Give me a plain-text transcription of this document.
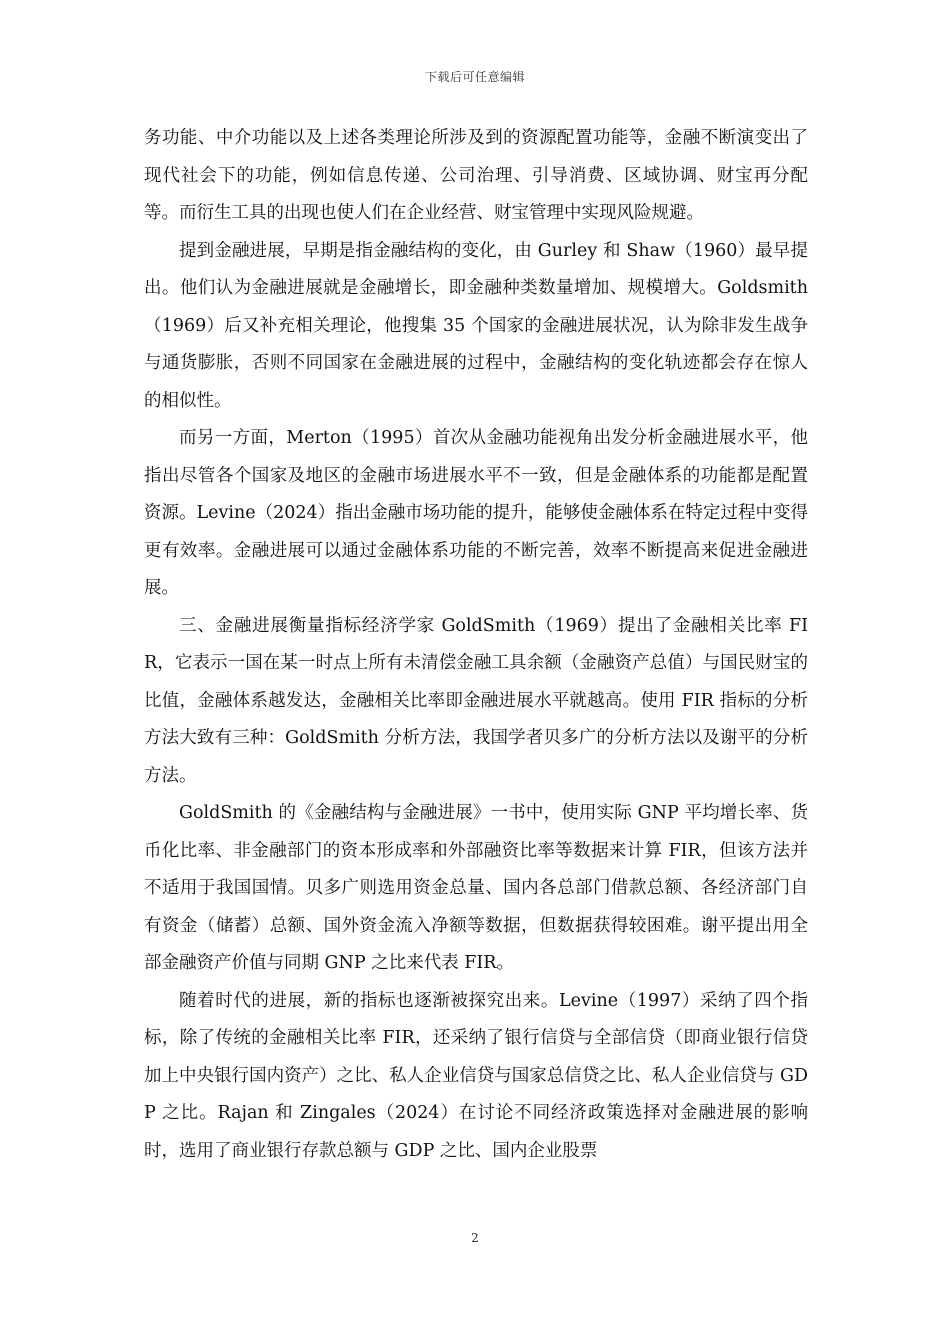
下载后可任意编辑

务功能、中介功能以及上述各类理论所涉及到的资源配置功能等，金融不断演变出了现代社会下的功能，例如信息传递、公司治理、引导消费、区域协调、财宝再分配等。而衍生工具的出现也使人们在企业经营、财宝管理中实现风险规避。

提到金融进展，早期是指金融结构的变化，由 Gurley 和 Shaw（1960）最早提出。他们认为金融进展就是金融增长，即金融种类数量增加、规模增大。Goldsmith（1969）后又补充相关理论，他搜集 35 个国家的金融进展状况，认为除非发生战争与通货膨胀，否则不同国家在金融进展的过程中，金融结构的变化轨迹都会存在惊人的相似性。

而另一方面，Merton（1995）首次从金融功能视角出发分析金融进展水平，他指出尽管各个国家及地区的金融市场进展水平不一致，但是金融体系的功能都是配置资源。Levine（2024）指出金融市场功能的提升，能够使金融体系在特定过程中变得更有效率。金融进展可以通过金融体系功能的不断完善，效率不断提高来促进金融进展。

三、金融进展衡量指标经济学家 GoldSmith（1969）提出了金融相关比率 FIR，它表示一国在某一时点上所有未清偿金融工具余额（金融资产总值）与国民财宝的比值，金融体系越发达，金融相关比率即金融进展水平就越高。使用 FIR 指标的分析方法大致有三种：GoldSmith 分析方法，我国学者贝多广的分析方法以及谢平的分析方法。

GoldSmith 的《金融结构与金融进展》一书中，使用实际 GNP 平均增长率、货币化比率、非金融部门的资本形成率和外部融资比率等数据来计算 FIR，但该方法并不适用于我国国情。贝多广则选用资金总量、国内各总部门借款总额、各经济部门自有资金（储蓄）总额、国外资金流入净额等数据，但数据获得较困难。谢平提出用全部金融资产价值与同期 GNP 之比来代表 FIR。

随着时代的进展，新的指标也逐渐被探究出来。Levine（1997）采纳了四个指标，除了传统的金融相关比率 FIR，还采纳了银行信贷与全部信贷（即商业银行信贷加上中央银行国内资产）之比、私人企业信贷与国家总信贷之比、私人企业信贷与 GDP 之比。Rajan 和 Zingales（2024）在讨论不同经济政策选择对金融进展的影响时，选用了商业银行存款总额与 GDP 之比、国内企业股票

2
